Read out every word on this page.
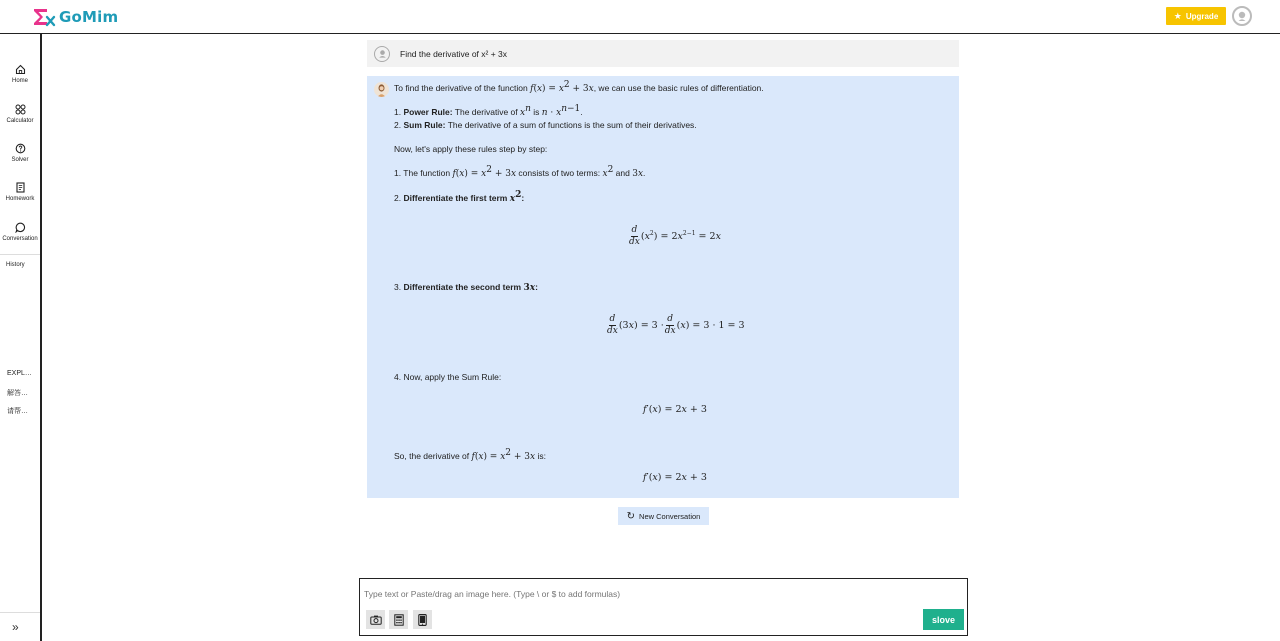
GoMim	★ Upgrade
Home
Calculator
Solver
Homework
Conversation
History
EXPL…
解答…
请帮…
»
Find the derivative of x² + 3x
To find the derivative of the function $f(x) = x^2 + 3x$, we can use the basic rules of differentiation.
1. Power Rule: The derivative of $x^n$ is $n \cdot x^{n-1}$.
2. Sum Rule: The derivative of a sum of functions is the sum of their derivatives.
Now, let's apply these rules step by step:
1. The function $f(x) = x^2 + 3x$ consists of two terms: $x^2$ and 3x.
2. Differentiate the first term $x^2$:
$\frac{d}{dx} (x^2) = 2x^{2-1} = 2x$
3. Differentiate the second term 3x:
$\frac{d}{dx} (3x) = 3 \cdot \frac{d}{dx} (x) = 3 \cdot 1 = 3$
4. Now, apply the Sum Rule:
f′(x) = 2x + 3
So, the derivative of $f(x) = x^2 + 3x$ is:
f′(x) = 2x + 3
↻ New Conversation
Type text or Paste/drag an image here. (Type \ or $ to add formulas)
slove
